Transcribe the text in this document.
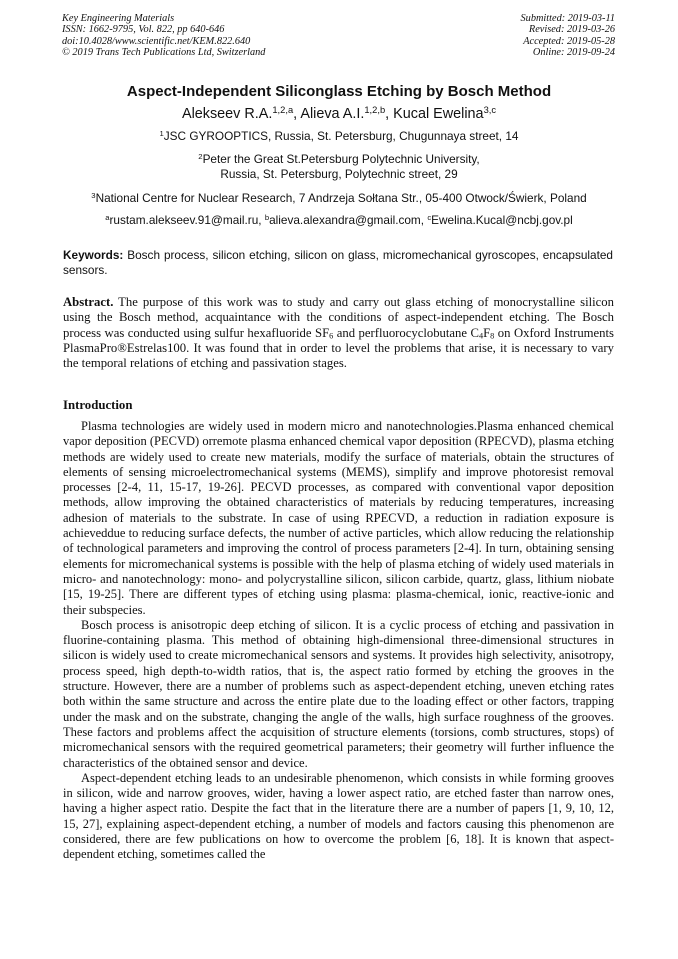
Key Engineering Materials
ISSN: 1662-9795, Vol. 822, pp 640-646
doi:10.4028/www.scientific.net/KEM.822.640
© 2019 Trans Tech Publications Ltd, Switzerland
Submitted: 2019-03-11
Revised: 2019-03-26
Accepted: 2019-05-28
Online: 2019-09-24
Aspect-Independent Siliconglass Etching by Bosch Method
Alekseev R.A.$^{1,2,a}$, Alieva A.I.$^{1,2,b}$, Kucal Ewelina$^{3,c}$
$^1$JSC GYROOPTICS, Russia, St. Petersburg, Chugunnaya street, 14
$^2$Peter the Great St.Petersburg Polytechnic University,
Russia, St. Petersburg, Polytechnic street, 29
$^3$National Centre for Nuclear Research, 7 Andrzeja Sołtana Str., 05-400 Otwock/Świerk, Poland
$^a$rustam.alekseev.91@mail.ru, $^b$alieva.alexandra@gmail.com, $^c$Ewelina.Kucal@ncbj.gov.pl
Keywords: Bosch process, silicon etching, silicon on glass, micromechanical gyroscopes, encapsulated sensors.
Abstract. The purpose of this work was to study and carry out glass etching of monocrystalline silicon using the Bosch method, acquaintance with the conditions of aspect-independent etching. The Bosch process was conducted using sulfur hexafluoride $SF_6$ and perfluorocyclobutane $C_4F_8$ on Oxford Instruments PlasmaPro®Estrelas100. It was found that in order to level the problems that arise, it is necessary to vary the temporal relations of etching and passivation stages.
Introduction

Plasma technologies are widely used in modern micro and nanotechnologies.Plasma enhanced chemical vapor deposition (PECVD) orremote plasma enhanced chemical vapor deposition (RPECVD), plasma etching methods are widely used to create new materials, modify the surface of materials, obtain the structures of elements of sensing microelectromechanical systems (MEMS), simplify and improve photoresist removal processes [2-4, 11, 15-17, 19-26]. PECVD processes, as compared with conventional vapor deposition methods, allow improving the obtained characteristics of materials by reducing temperatures, increasing adhesion of materials to the substrate. In case of using RPECVD, a reduction in radiation exposure is achieveddue to reducing surface defects, the number of active particles, which allow reducing the relationship of technological parameters and improving the control of process parameters [2-4]. In turn, obtaining sensing elements for micromechanical systems is possible with the help of plasma etching of widely used materials in micro- and nanotechnology: mono- and polycrystalline silicon, silicon carbide, quartz, glass, lithium niobate [15, 19-25]. There are different types of etching using plasma: plasma-chemical, ionic, reactive-ionic and their subspecies.

Bosch process is anisotropic deep etching of silicon. It is a cyclic process of etching and passivation in fluorine-containing plasma. This method of obtaining high-dimensional three-dimensional structures in silicon is widely used to create micromechanical sensors and systems. It provides high selectivity, anisotropy, process speed, high depth-to-width ratios, that is, the aspect ratio formed by etching the grooves in the structure. However, there are a number of problems such as aspect-dependent etching, uneven etching rates both within the same structure and across the entire plate due to the loading effect or other factors, trapping under the mask and on the substrate, changing the angle of the walls, high surface roughness of the grooves. These factors and problems affect the acquisition of structure elements (torsions, comb structures, stops) of micromechanical sensors with the required geometrical parameters; their geometry will further influence the characteristics of the obtained sensor and device.

Aspect-dependent etching leads to an undesirable phenomenon, which consists in while forming grooves in silicon, wide and narrow grooves, wider, having a lower aspect ratio, are etched faster than narrow ones, having a higher aspect ratio. Despite the fact that in the literature there are a number of papers [1, 9, 10, 12, 15, 27], explaining aspect-dependent etching, a number of models and factors causing this phenomenon are considered, there are few publications on how to overcome the problem [6, 18]. It is known that aspect-dependent etching, sometimes called the
